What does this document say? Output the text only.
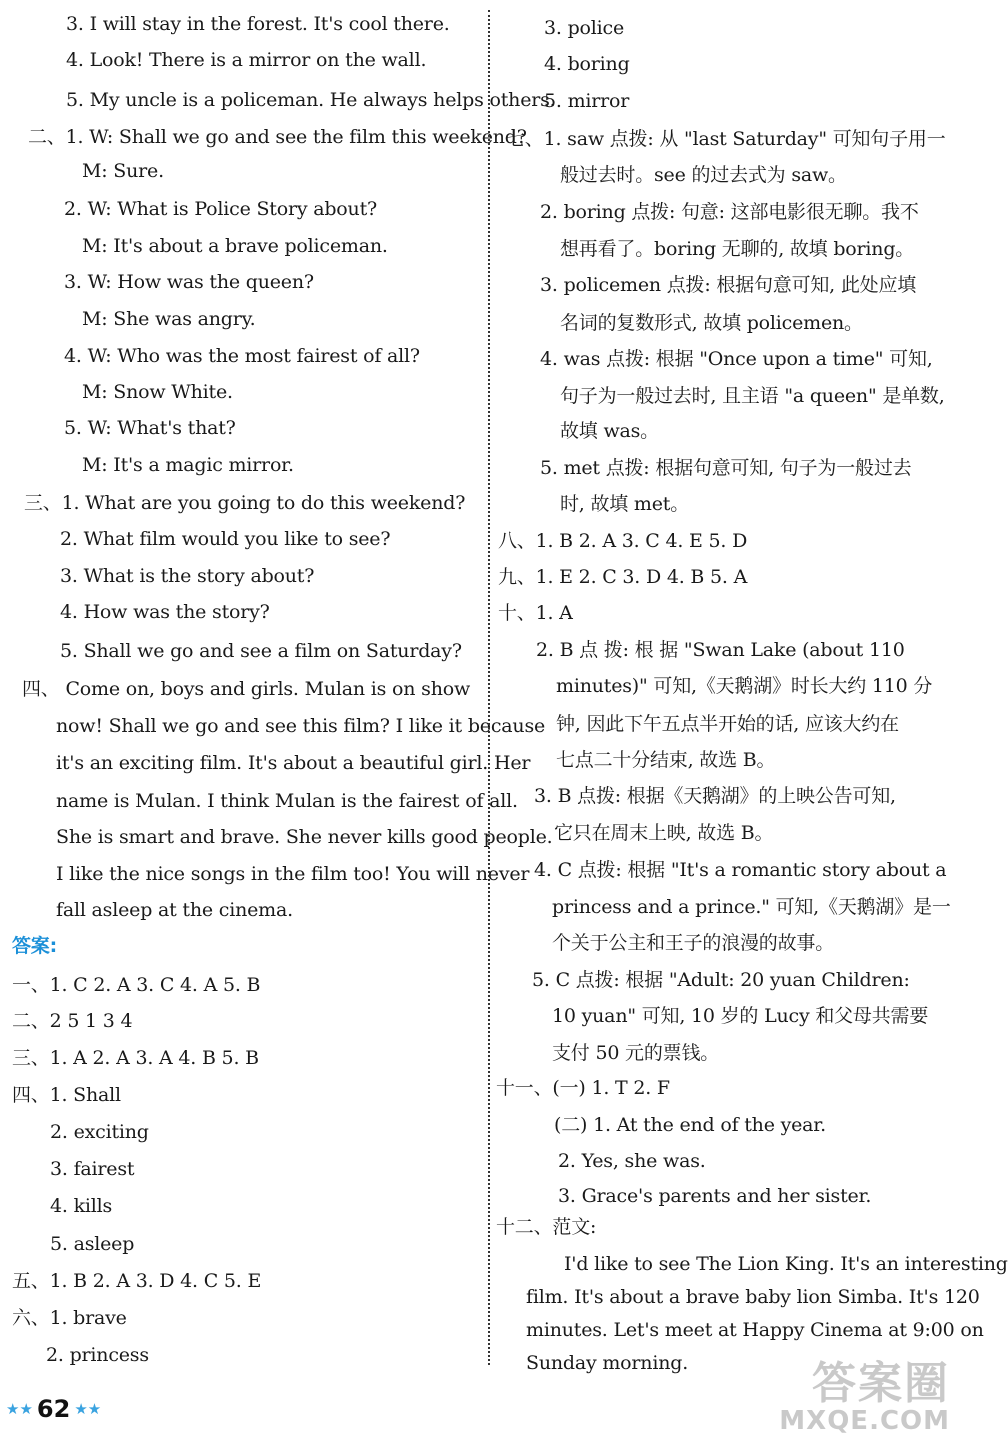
3. I will stay in the forest. It's cool there.
4. Look! There is a mirror on the wall.
5. My uncle is a policeman. He always helps others.
二、1. W: Shall we go and see the film this weekend?
M: Sure.
2. W: What is Police Story about?
M: It's about a brave policeman.
3. W: How was the queen?
M: She was angry.
4. W: Who was the most fairest of all?
M: Snow White.
5. W: What's that?
M: It's a magic mirror.
三、1. What are you going to do this weekend?
2. What film would you like to see?
3. What is the story about?
4. How was the story?
5. Shall we go and see a film on Saturday?
四、 Come on, boys and girls. Mulan is on show
now! Shall we go and see this film? I like it because
it's an exciting film. It's about a beautiful girl. Her
name is Mulan. I think Mulan is the fairest of all.
She is smart and brave. She never kills good people.
I like the nice songs in the film too! You will never
fall asleep at the cinema.
答案:
一、1. C 2. A 3. C 4. A 5. B
二、2 5 1 3 4
三、1. A 2. A 3. A 4. B 5. B
四、1. Shall
2. exciting
3. fairest
4. kills
5. asleep
五、1. B 2. A 3. D 4. C 5. E
六、1. brave
2. princess
3. police
4. boring
5. mirror
七、1. saw 点拨: 从 "last Saturday" 可知句子用一
般过去时。see 的过去式为 saw。
2. boring 点拨: 句意: 这部电影很无聊。我不
想再看了。boring 无聊的, 故填 boring。
3. policemen 点拨: 根据句意可知, 此处应填
名词的复数形式, 故填 policemen。
4. was 点拨: 根据 "Once upon a time" 可知,
句子为一般过去时, 且主语 "a queen" 是单数,
故填 was。
5. met 点拨: 根据句意可知, 句子为一般过去
时, 故填 met。
八、1. B 2. A 3. C 4. E 5. D
九、1. E 2. C 3. D 4. B 5. A
十、1. A
2. B 点 拨: 根 据 "Swan Lake (about 110
minutes)" 可知,《天鹅湖》时长大约 110 分
钟, 因此下午五点半开始的话, 应该大约在
七点二十分结束, 故选 B。
3. B 点拨: 根据《天鹅湖》的上映公告可知,
它只在周末上映, 故选 B。
4. C 点拨: 根据 "It's a romantic story about a
princess and a prince." 可知,《天鹅湖》是一
个关于公主和王子的浪漫的故事。
5. C 点拨: 根据 "Adult: 20 yuan Children:
10 yuan" 可知, 10 岁的 Lucy 和父母共需要
支付 50 元的票钱。
十一、(一) 1. T 2. F
(二) 1. At the end of the year.
2. Yes, she was.
3. Grace's parents and her sister.
十二、范文:
I'd like to see The Lion King. It's an interesting
film. It's about a brave baby lion Simba. It's 120
minutes. Let's meet at Happy Cinema at 9:00 on
Sunday morning.
★ ★ 62 ★ ★	答案圈
MXQE.COM
